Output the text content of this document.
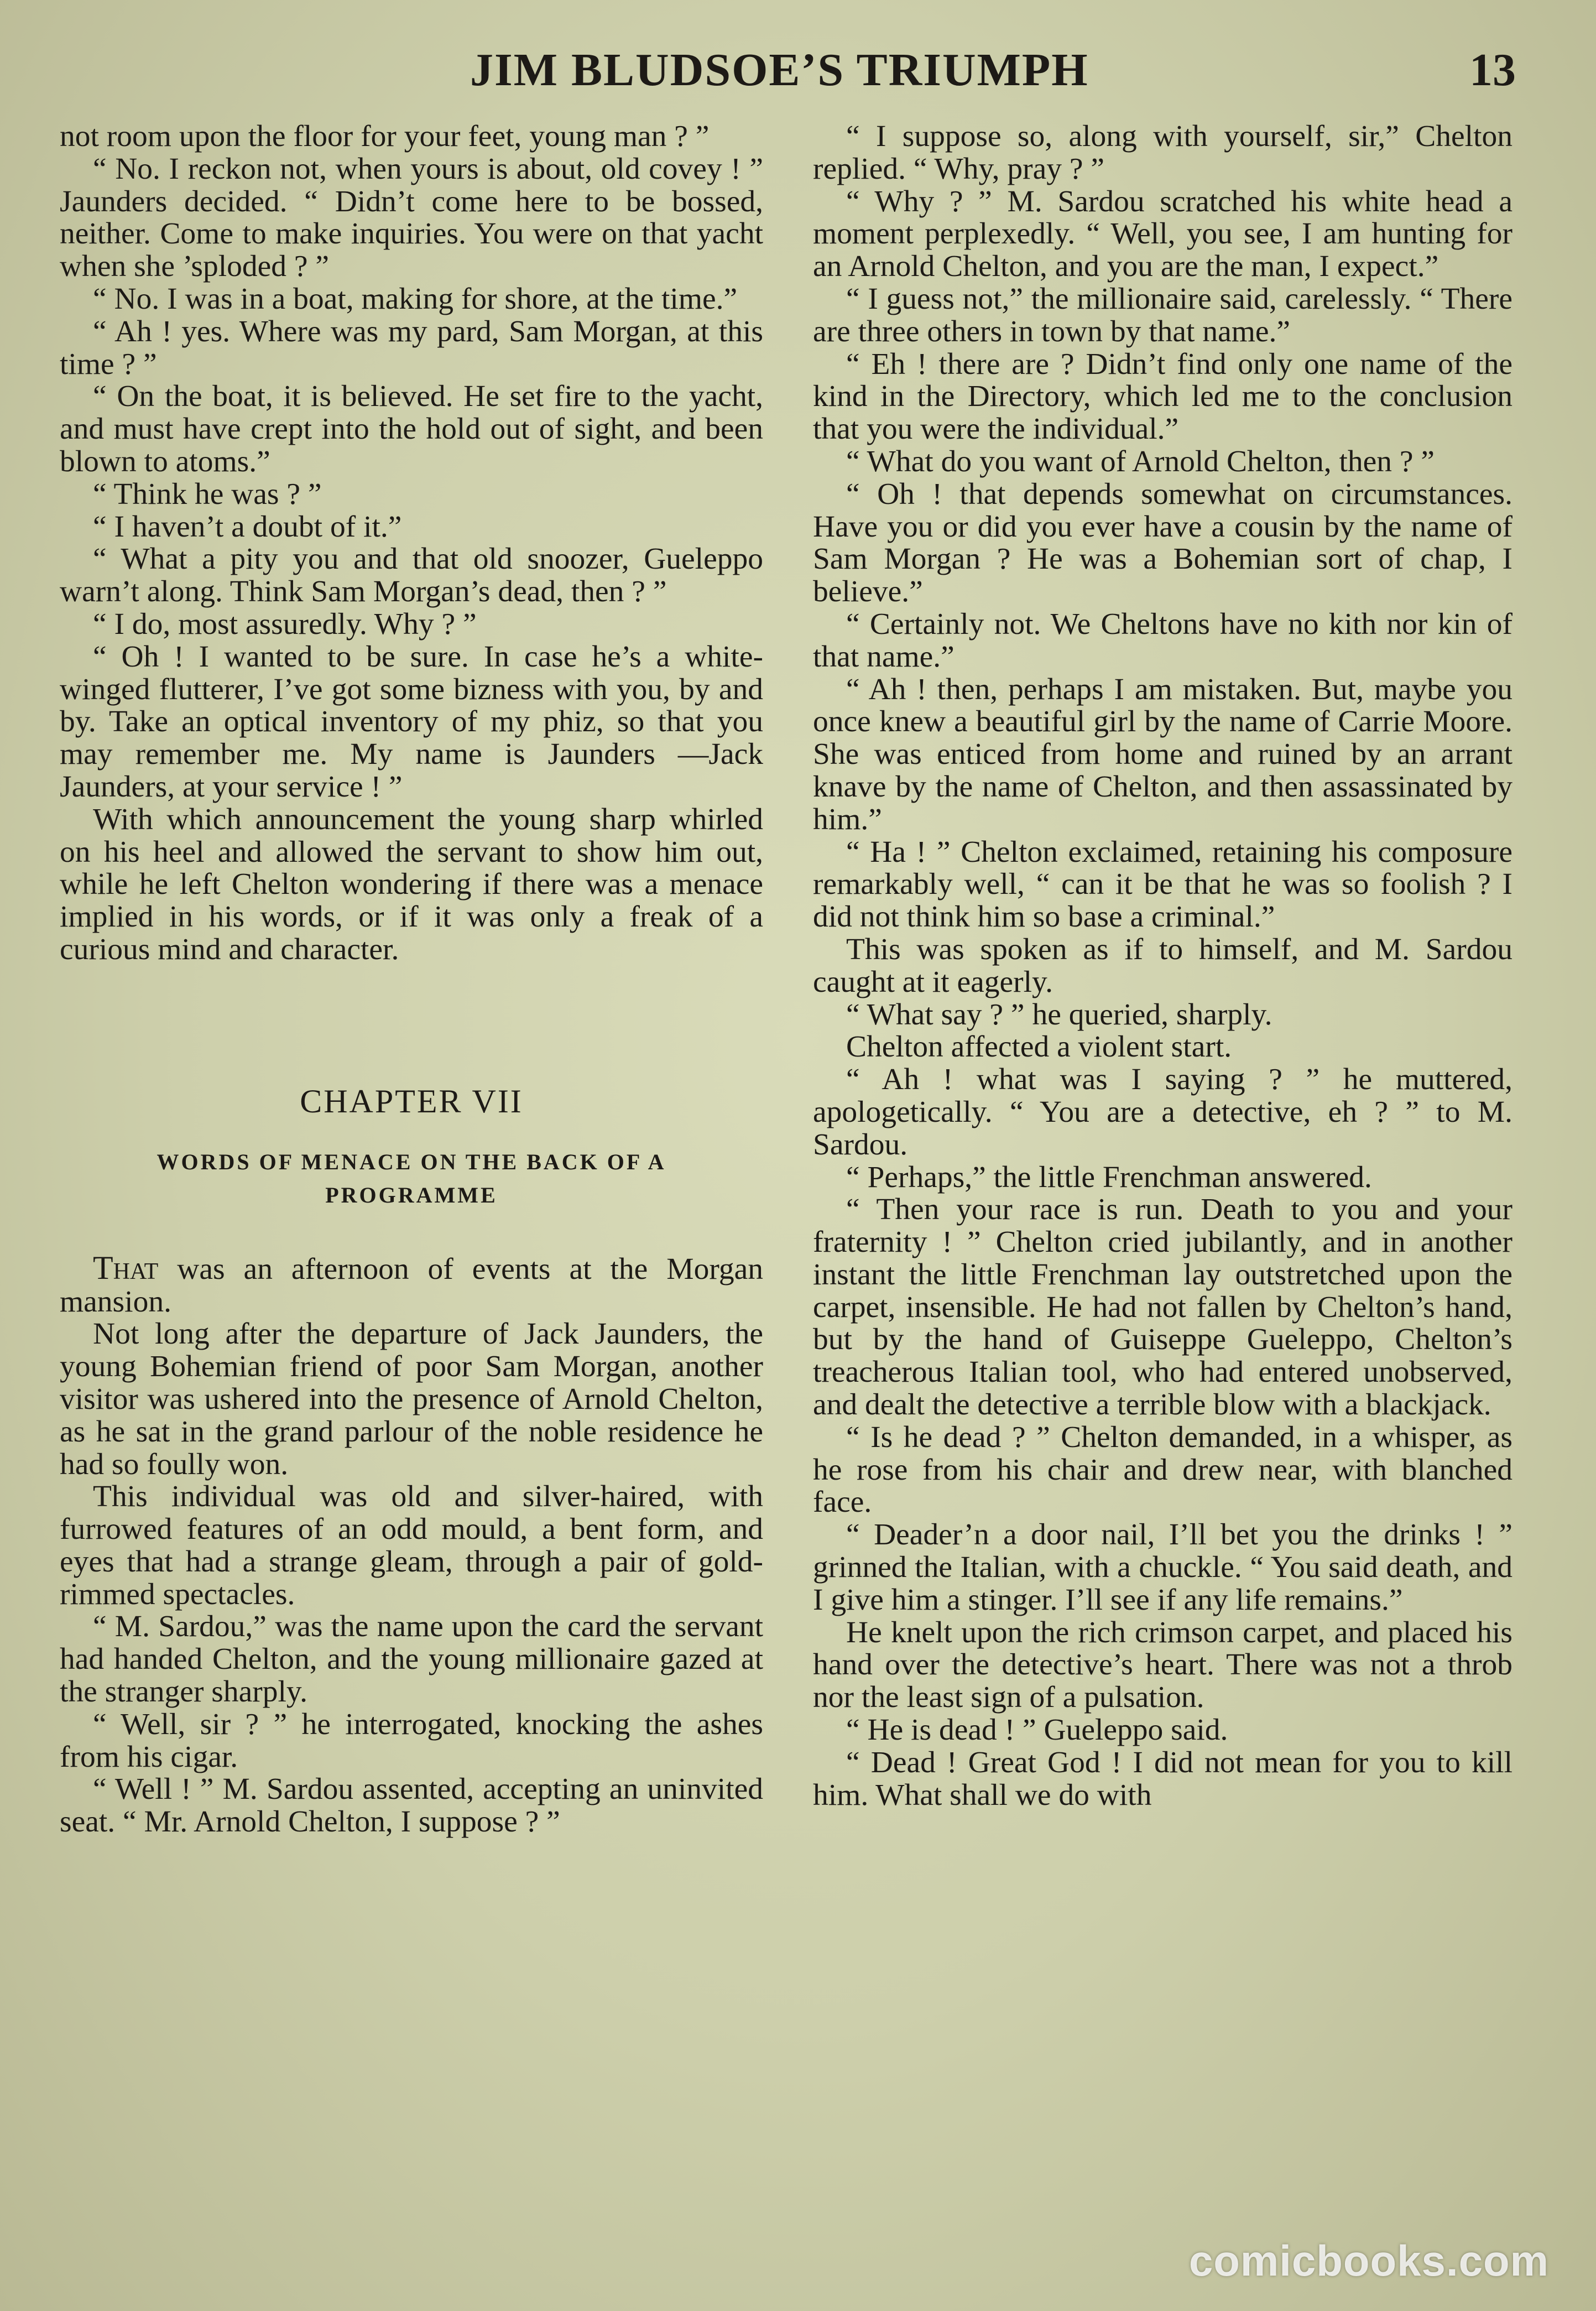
JIM BLUDSOE’S TRIUMPH	13

not room upon the floor for your feet, young man ? ”

“ No. I reckon not, when yours is about, old covey ! ” Jaunders decided. “ Didn’t come here to be bossed, neither. Come to make inquiries. You were on that yacht when she ’sploded ? ”

“ No. I was in a boat, making for shore, at the time.”

“ Ah ! yes. Where was my pard, Sam Morgan, at this time ? ”

“ On the boat, it is believed. He set fire to the yacht, and must have crept into the hold out of sight, and been blown to atoms.”

“ Think he was ? ”

“ I haven’t a doubt of it.”

“ What a pity you and that old snoozer, Gueleppo warn’t along. Think Sam Morgan’s dead, then ? ”

“ I do, most assuredly. Why ? ”

“ Oh ! I wanted to be sure. In case he’s a white-winged flutterer, I’ve got some bizness with you, by and by. Take an optical inventory of my phiz, so that you may remember me. My name is Jaunders —Jack Jaunders, at your service ! ”

With which announcement the young sharp whirled on his heel and allowed the servant to show him out, while he left Chelton wondering if there was a menace implied in his words, or if it was only a freak of a curious mind and character.

CHAPTER VII
WORDS OF MENACE ON THE BACK OF A PROGRAMME

That was an afternoon of events at the Morgan mansion.

Not long after the departure of Jack Jaunders, the young Bohemian friend of poor Sam Morgan, another visitor was ushered into the presence of Arnold Chelton, as he sat in the grand parlour of the noble residence he had so foully won.

This individual was old and silver-haired, with furrowed features of an odd mould, a bent form, and eyes that had a strange gleam, through a pair of gold-rimmed spectacles.

“ M. Sardou,” was the name upon the card the servant had handed Chelton, and the young millionaire gazed at the stranger sharply.

“ Well, sir ? ” he interrogated, knocking the ashes from his cigar.

“ Well ! ” M. Sardou assented, accepting an uninvited seat. “ Mr. Arnold Chelton, I suppose ? ”

“ I suppose so, along with yourself, sir,” Chelton replied. “ Why, pray ? ”

“ Why ? ” M. Sardou scratched his white head a moment perplexedly. “ Well, you see, I am hunting for an Arnold Chelton, and you are the man, I expect.”

“ I guess not,” the millionaire said, carelessly. “ There are three others in town by that name.”

“ Eh ! there are ? Didn’t find only one name of the kind in the Directory, which led me to the conclusion that you were the individual.”

“ What do you want of Arnold Chelton, then ? ”

“ Oh ! that depends somewhat on circumstances. Have you or did you ever have a cousin by the name of Sam Morgan ? He was a Bohemian sort of chap, I believe.”

“ Certainly not. We Cheltons have no kith nor kin of that name.”

“ Ah ! then, perhaps I am mistaken. But, maybe you once knew a beautiful girl by the name of Carrie Moore. She was enticed from home and ruined by an arrant knave by the name of Chelton, and then assassinated by him.”

“ Ha ! ” Chelton exclaimed, retaining his composure remarkably well, “ can it be that he was so foolish ? I did not think him so base a criminal.”

This was spoken as if to himself, and M. Sardou caught at it eagerly.

“ What say ? ” he queried, sharply.

Chelton affected a violent start.

“ Ah ! what was I saying ? ” he muttered, apologetically. “ You are a detective, eh ? ” to M. Sardou.

“ Perhaps,” the little Frenchman answered.

“ Then your race is run. Death to you and your fraternity ! ” Chelton cried jubilantly, and in another instant the little Frenchman lay outstretched upon the carpet, insensible. He had not fallen by Chelton’s hand, but by the hand of Guiseppe Gueleppo, Chelton’s treacherous Italian tool, who had entered unobserved, and dealt the detective a terrible blow with a blackjack.

“ Is he dead ? ” Chelton demanded, in a whisper, as he rose from his chair and drew near, with blanched face.

“ Deader’n a door nail, I’ll bet you the drinks ! ” grinned the Italian, with a chuckle. “ You said death, and I give him a stinger. I’ll see if any life remains.”

He knelt upon the rich crimson carpet, and placed his hand over the detective’s heart. There was not a throb nor the least sign of a pulsation.

“ He is dead ! ” Gueleppo said.

“ Dead ! Great God ! I did not mean for you to kill him. What shall we do with

comicbooks.com
